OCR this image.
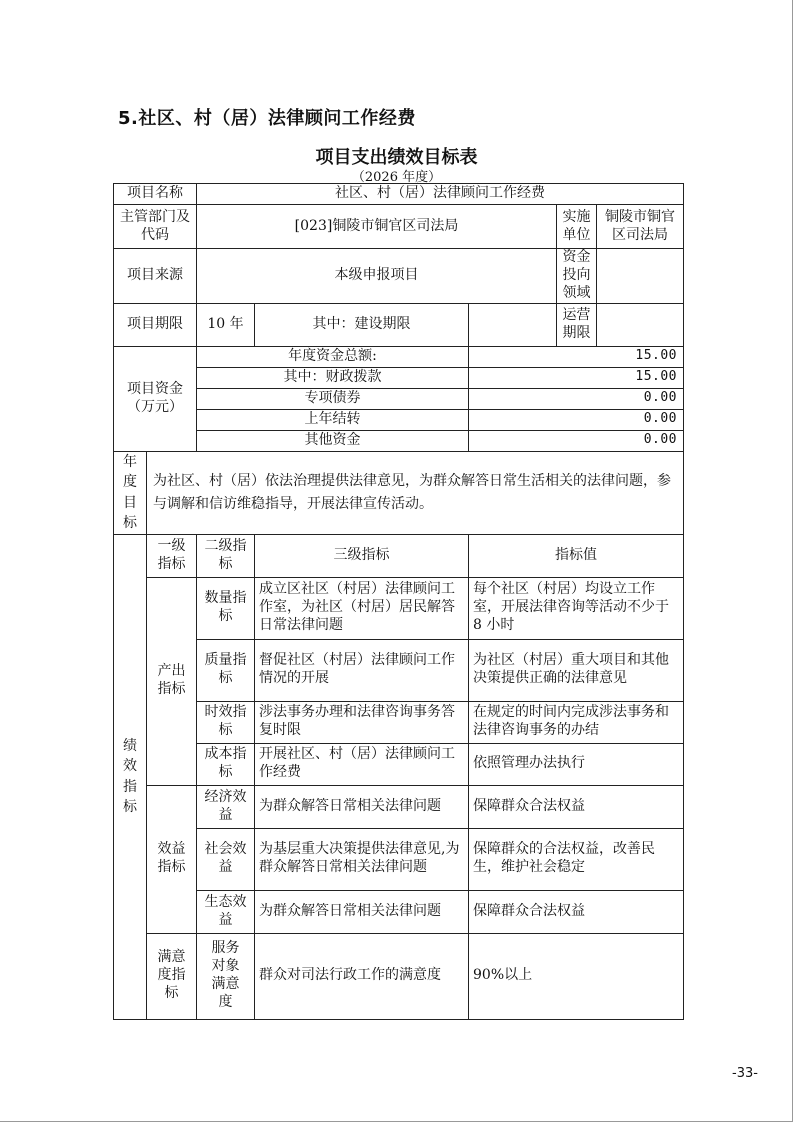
5.社区、村（居）法律顾问工作经费
项目支出绩效目标表
（2026 年度）
项目名称		社区、村（居）法律顾问工作经费				
主管部门及代码		[023]铜陵市铜官区司法局			实施单位	铜陵市铜官区司法局
项目来源		本级申报项目			资金投向领域	
项目期限		10 年	其中：建设期限		运营期限	
项目资金（万元）		年度资金总额:		15.00		
		其中：财政拨款		15.00		
		专项债券		0.00		
		上年结转		0.00		
		其他资金		0.00		
年度目标	为社区、村（居）依法治理提供法律意见，为群众解答日常生活相关的法律问题，参与调解和信访维稳指导，开展法律宣传活动。					
绩效指标	一级指标	二级指标	三级指标	指标值		
	产出指标	数量指标	成立区社区（村居）法律顾问工作室，为社区（村居）居民解答日常法律问题	每个社区（村居）均设立工作室，开展法律咨询等活动不少于 8 小时		
		质量指标	督促社区（村居）法律顾问工作情况的开展	为社区（村居）重大项目和其他决策提供正确的法律意见		
		时效指标	涉法事务办理和法律咨询事务答复时限	在规定的时间内完成涉法事务和法律咨询事务的办结		
		成本指标	开展社区、村（居）法律顾问工作经费	依照管理办法执行		
	效益指标	经济效益	为群众解答日常相关法律问题	保障群众合法权益		
		社会效益	为基层重大决策提供法律意见,为群众解答日常相关法律问题	保障群众的合法权益，改善民生，维护社会稳定		
		生态效益	为群众解答日常相关法律问题	保障群众合法权益		
	满意度指标	服务对象满意度	群众对司法行政工作的满意度	90%以上		
-33-
